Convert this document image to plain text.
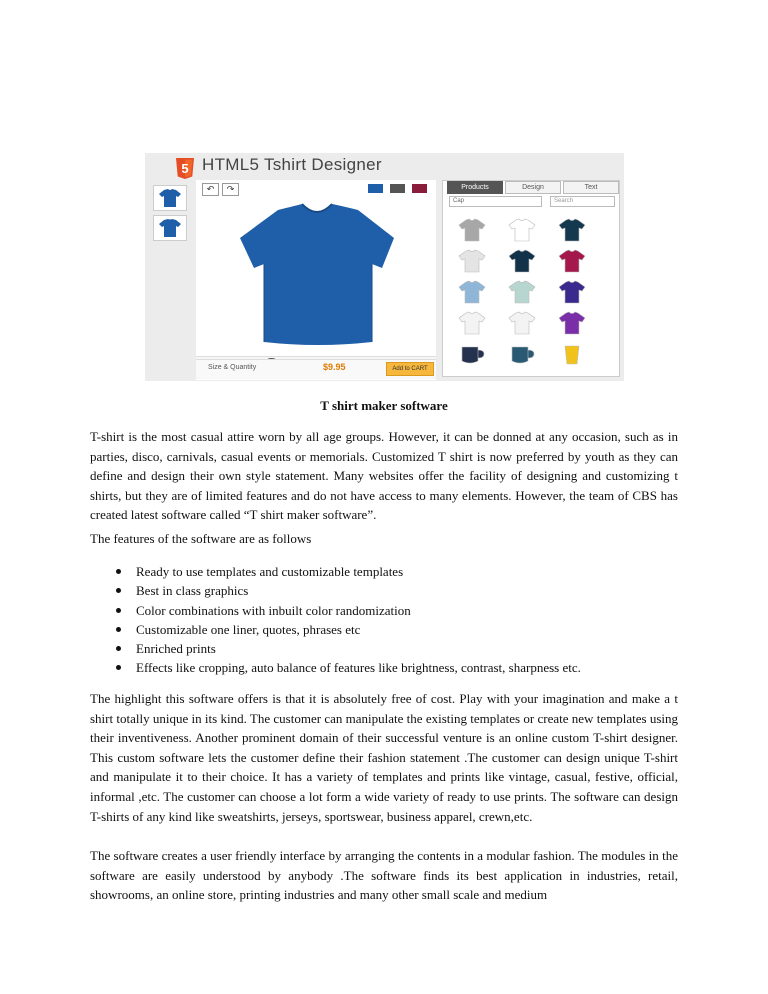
5 HTML5 Tshirt Designer
↶	↷
Size & Quantity	$9.95	Add to CART
Products	Design	Text
Cap	Search
T shirt maker software

T-shirt is the most casual attire worn by all age groups. However, it can be donned at any occasion, such as in parties, disco, carnivals, casual events or memorials. Customized T shirt is now preferred by youth as they can define and design their own style statement. Many websites offer the facility of designing and customizing t shirts, but they are of limited features and do not have access to many elements. However, the team of CBS has created latest software called “T shirt maker software”.

The features of the software are as follows

Ready to use templates and customizable templates
Best in class graphics
Color combinations with inbuilt color randomization
Customizable one liner, quotes, phrases etc
Enriched prints
Effects like cropping, auto balance of features like brightness, contrast, sharpness etc.

The highlight this software offers is that it is absolutely free of cost. Play with your imagination and make a t shirt totally unique in its kind. The customer can manipulate the existing templates or create new templates using their inventiveness. Another prominent domain of their successful venture is an online custom T-shirt designer. This custom software lets the customer define their fashion statement .The customer can design unique T-shirt and manipulate it to their choice. It has a variety of templates and prints like vintage, casual, festive, official, informal ,etc. The customer can choose a lot form a wide variety of ready to use prints. The software can design T-shirts of any kind like sweatshirts, jerseys, sportswear, business apparel, crewn,etc.

The software creates a user friendly interface by arranging the contents in a modular fashion. The modules in the software are easily understood by anybody .The software finds its best application in industries, retail, showrooms, an online store, printing industries and many other small scale and medium
